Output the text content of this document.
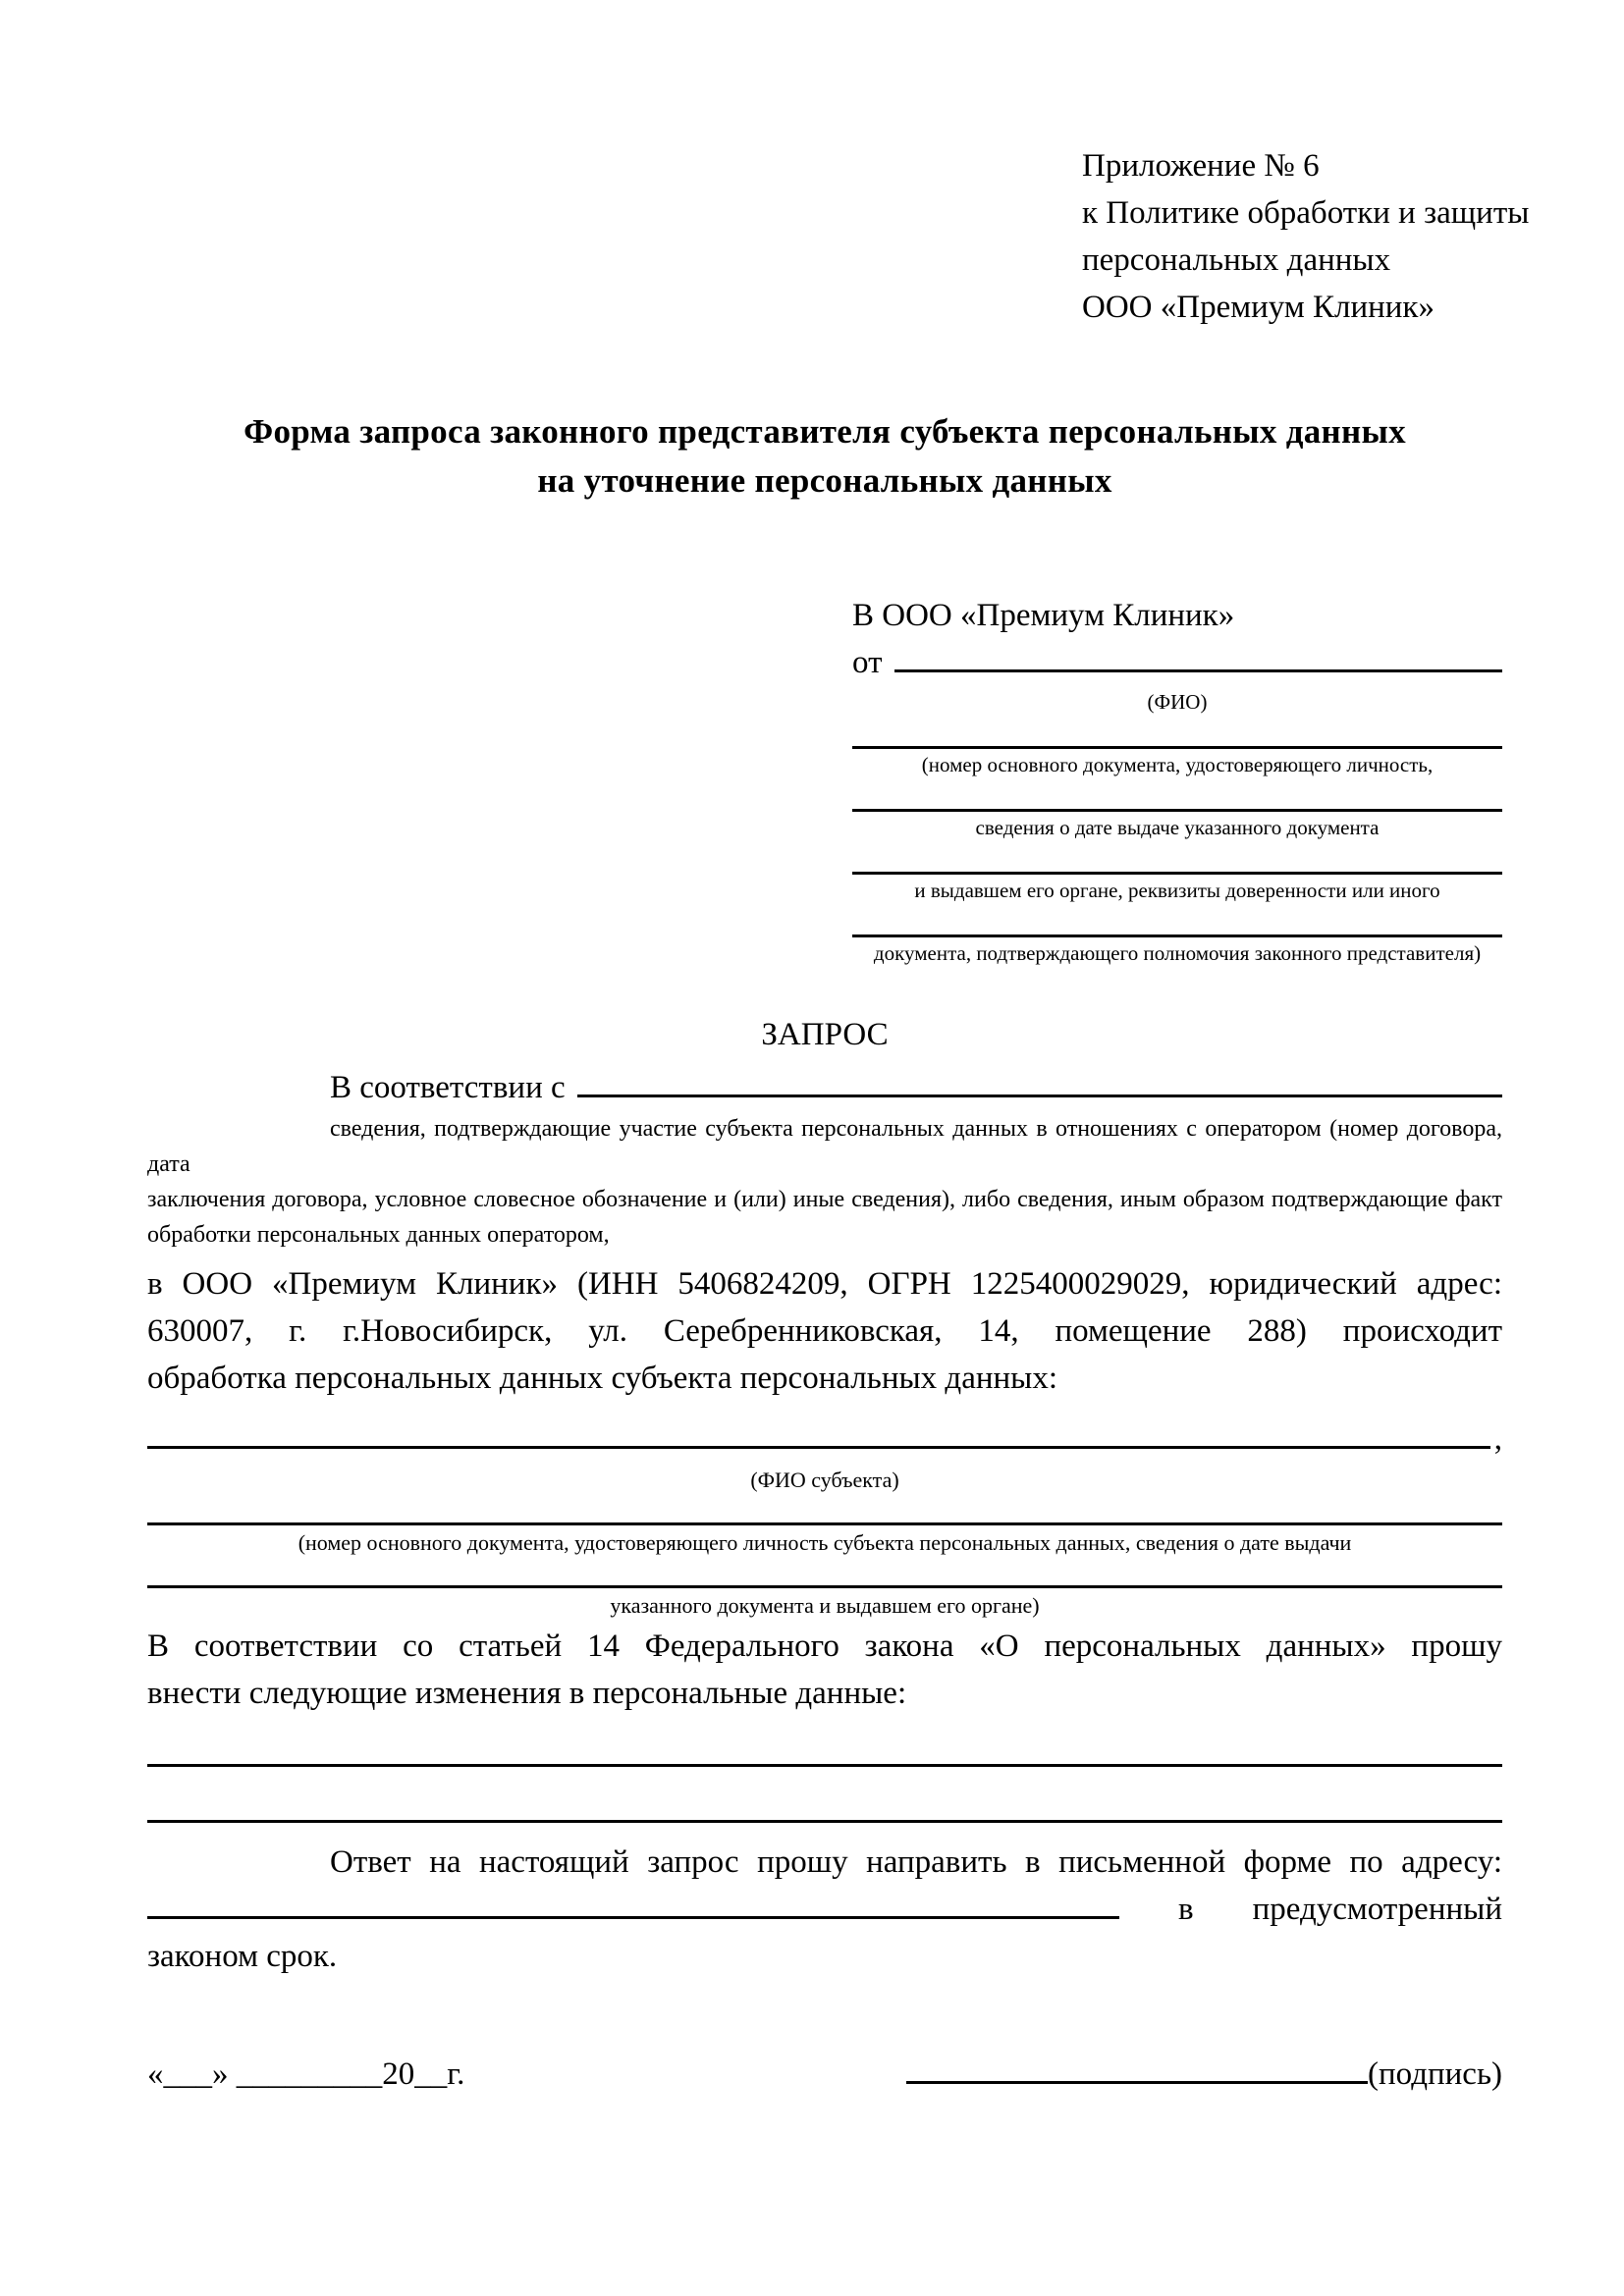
Приложение № 6
к Политике обработки и защиты
персональных данных
ООО «Премиум Клиник»
Форма запроса законного представителя субъекта персональных данных
на уточнение персональных данных
В ООО «Премиум Клиник»
от
(ФИО)
(номер основного документа, удостоверяющего личность,
сведения о дате выдаче указанного документа
и выдавшем его органе, реквизиты доверенности или иного
документа, подтверждающего полномочия законного представителя)
ЗАПРОС
В соответствии с
сведения, подтверждающие участие субъекта персональных данных в отношениях с оператором (номер договора, дата
заключения договора, условное словесное обозначение и (или) иные сведения), либо сведения, иным образом подтверждающие факт
обработки персональных данных оператором,
в ООО «Премиум Клиник» (ИНН 5406824209, ОГРН 1225400029029, юридический адрес:
630007, г. г.Новосибирск, ул. Серебренниковская, 14, помещение 288) происходит
обработка персональных данных субъекта персональных данных:
,
(ФИО субъекта)
(номер основного документа, удостоверяющего личность субъекта персональных данных, сведения о дате выдачи
указанного документа и выдавшем его органе)
В соответствии со статьей 14 Федерального закона «О персональных данных» прошу
внести следующие изменения в персональные данные:
Ответ на настоящий запрос прошу направить в письменной форме по адресу:
в предусмотренный
законом срок.
«___» _________20__г.	(подпись)
